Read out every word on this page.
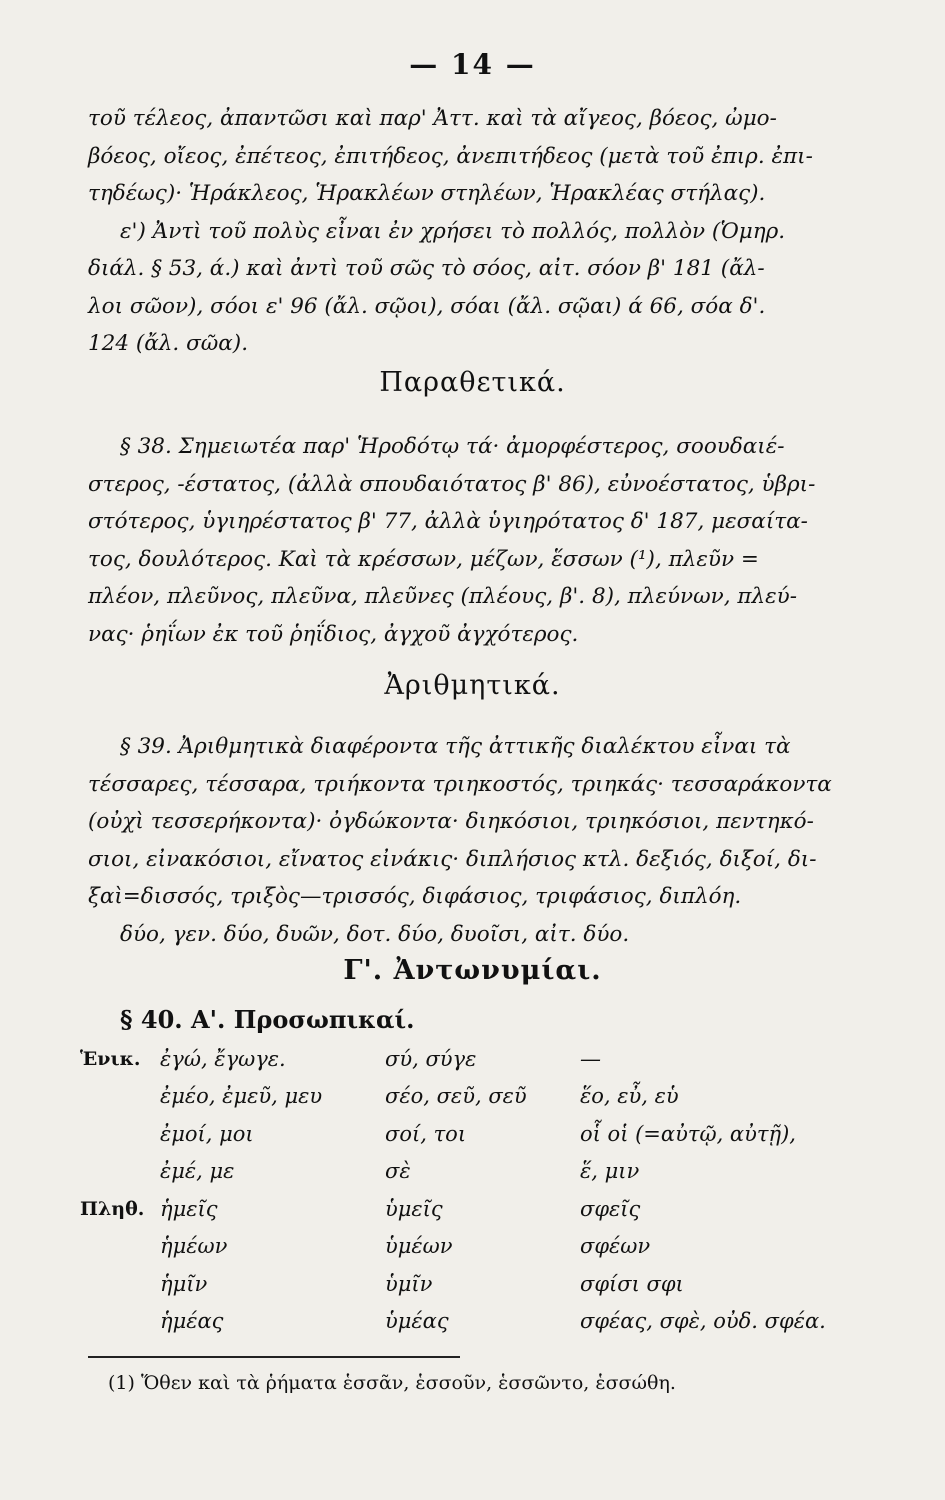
— 14 —

τοῦ τέλεος, ἀπαντῶσι καὶ παρ' Ἀττ. καὶ τὰ αἴγεος, βόεος, ὠμο-

βόεος, οἴεος, ἐπέτεος, ἐπιτήδεος, ἀνεπιτήδεος (μετὰ τοῦ ἐπιρ. ἐπι-

τηδέως)· Ἡράκλεος, Ἡρακλέων στηλέων, Ἡρακλέας στήλας).

ε') Ἀντὶ τοῦ πολὺς εἶναι ἐν χρήσει τὸ πολλός, πολλὸν (Ὁμηρ.

διάλ. § 53, ά.) καὶ ἀντὶ τοῦ σῶς τὸ σόος, αἰτ. σόον β' 181 (ἄλ-

λοι σῶον), σόοι ε' 96 (ἄλ. σῷοι), σόαι (ἄλ. σῷαι) ά 66, σόα δ'.

124 (ἄλ. σῶα).

Παραθετικά.

§ 38. Σημειωτέα παρ' Ἡροδότῳ τά· ἀμορφέστερος, σοουδαιέ-

στερος, -έστατος, (ἀλλὰ σπουδαιότατος β' 86), εὐνοέστατος, ὑβρι-

στότερος, ὑγιηρέστατος β' 77, ἀλλὰ ὑγιηρότατος δ' 187, μεσαίτα-

τος, δουλότερος. Καὶ τὰ κρέσσων, μέζων, ἕσσων (¹), πλεῦν =

πλέον, πλεῦνος, πλεῦνα, πλεῦνες (πλέους, β'. 8), πλεύνων, πλεύ-

νας· ῥηΐων ἐκ τοῦ ῥηΐδιος, ἀγχοῦ ἀγχότερος.

Ἀριθμητικά.

§ 39. Ἀριθμητικὰ διαφέροντα τῆς ἀττικῆς διαλέκτου εἶναι τὰ

τέσσαρες, τέσσαρα, τριήκοντα τριηκοστός, τριηκάς· τεσσαράκοντα

(οὐχὶ τεσσερήκοντα)· ὀγδώκοντα· διηκόσιοι, τριηκόσιοι, πεντηκό-

σιοι, εἰνακόσιοι, εἴνατος εἰνάκις· διπλήσιος κτλ. δεξιός, διξοί, δι-

ξαὶ=δισσός, τριξὸς—τρισσός, διφάσιος, τριφάσιος, διπλόη.

δύο, γεν. δύο, δυῶν, δοτ. δύο, δυοῖσι, αἰτ. δύο.

Γ'. Ἀντωνυμίαι.
§ 40. Α'. Προσωπικαί.
Ἑνικ.	ἐγώ, ἔγωγε.	σύ, σύγε	—
	ἐμέο, ἐμεῦ, μευ	σέο, σεῦ, σεῦ	ἕο, εὖ, εὑ
	ἐμοί, μοι	σοί, τοι	οἷ οἱ (=αὐτῷ, αὐτῇ),
	ἐμέ, με	σὲ	ἕ, μιν
Πληθ.	ἡμεῖς	ὑμεῖς	σφεῖς
	ἡμέων	ὑμέων	σφέων
	ἡμῖν	ὑμῖν	σφίσι σφι
	ἡμέας	ὑμέας	σφέας, σφὲ, οὐδ. σφέα.
(1) Ὅθεν καὶ τὰ ῥήματα ἑσσᾶν, ἑσσοῦν, ἑσσῶντο, ἑσσώθη.
